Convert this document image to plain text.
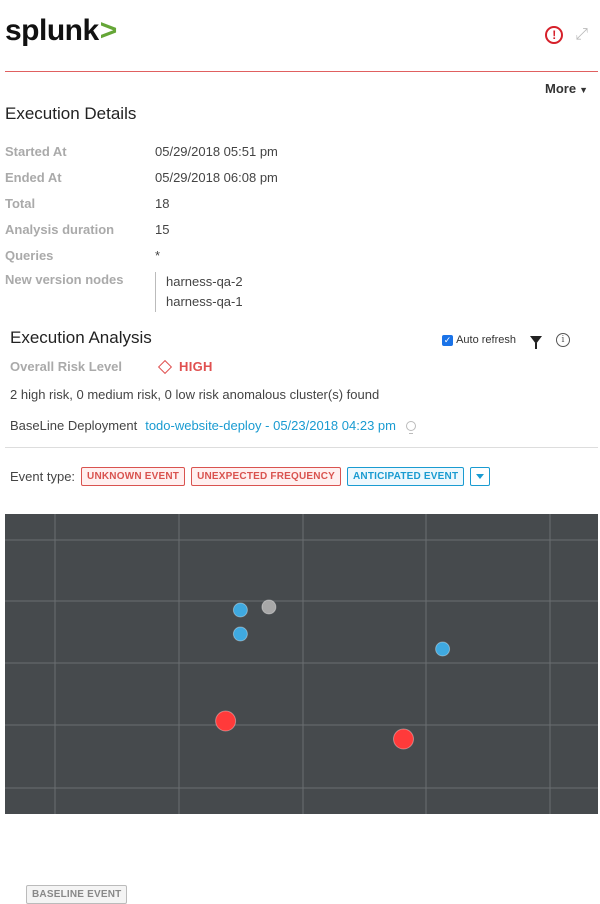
splunk>	!	⤢
More ▼
Execution Details
Started At	05/29/2018 05:51 pm
Ended At	05/29/2018 06:08 pm
Total	18
Analysis duration	15
Queries	*
New version nodes	harness-qa-2
harness-qa-1
Execution Analysis	✓ Auto refresh	i
Overall Risk Level	HIGH
2 high risk, 0 medium risk, 0 low risk anomalous cluster(s) found
BaseLine Deployment todo-website-deploy - 05/23/2018 04:23 pm
Event type:	UNKNOWN EVENT	UNEXPECTED FREQUENCY	ANTICIPATED EVENT
BASELINE EVENT
